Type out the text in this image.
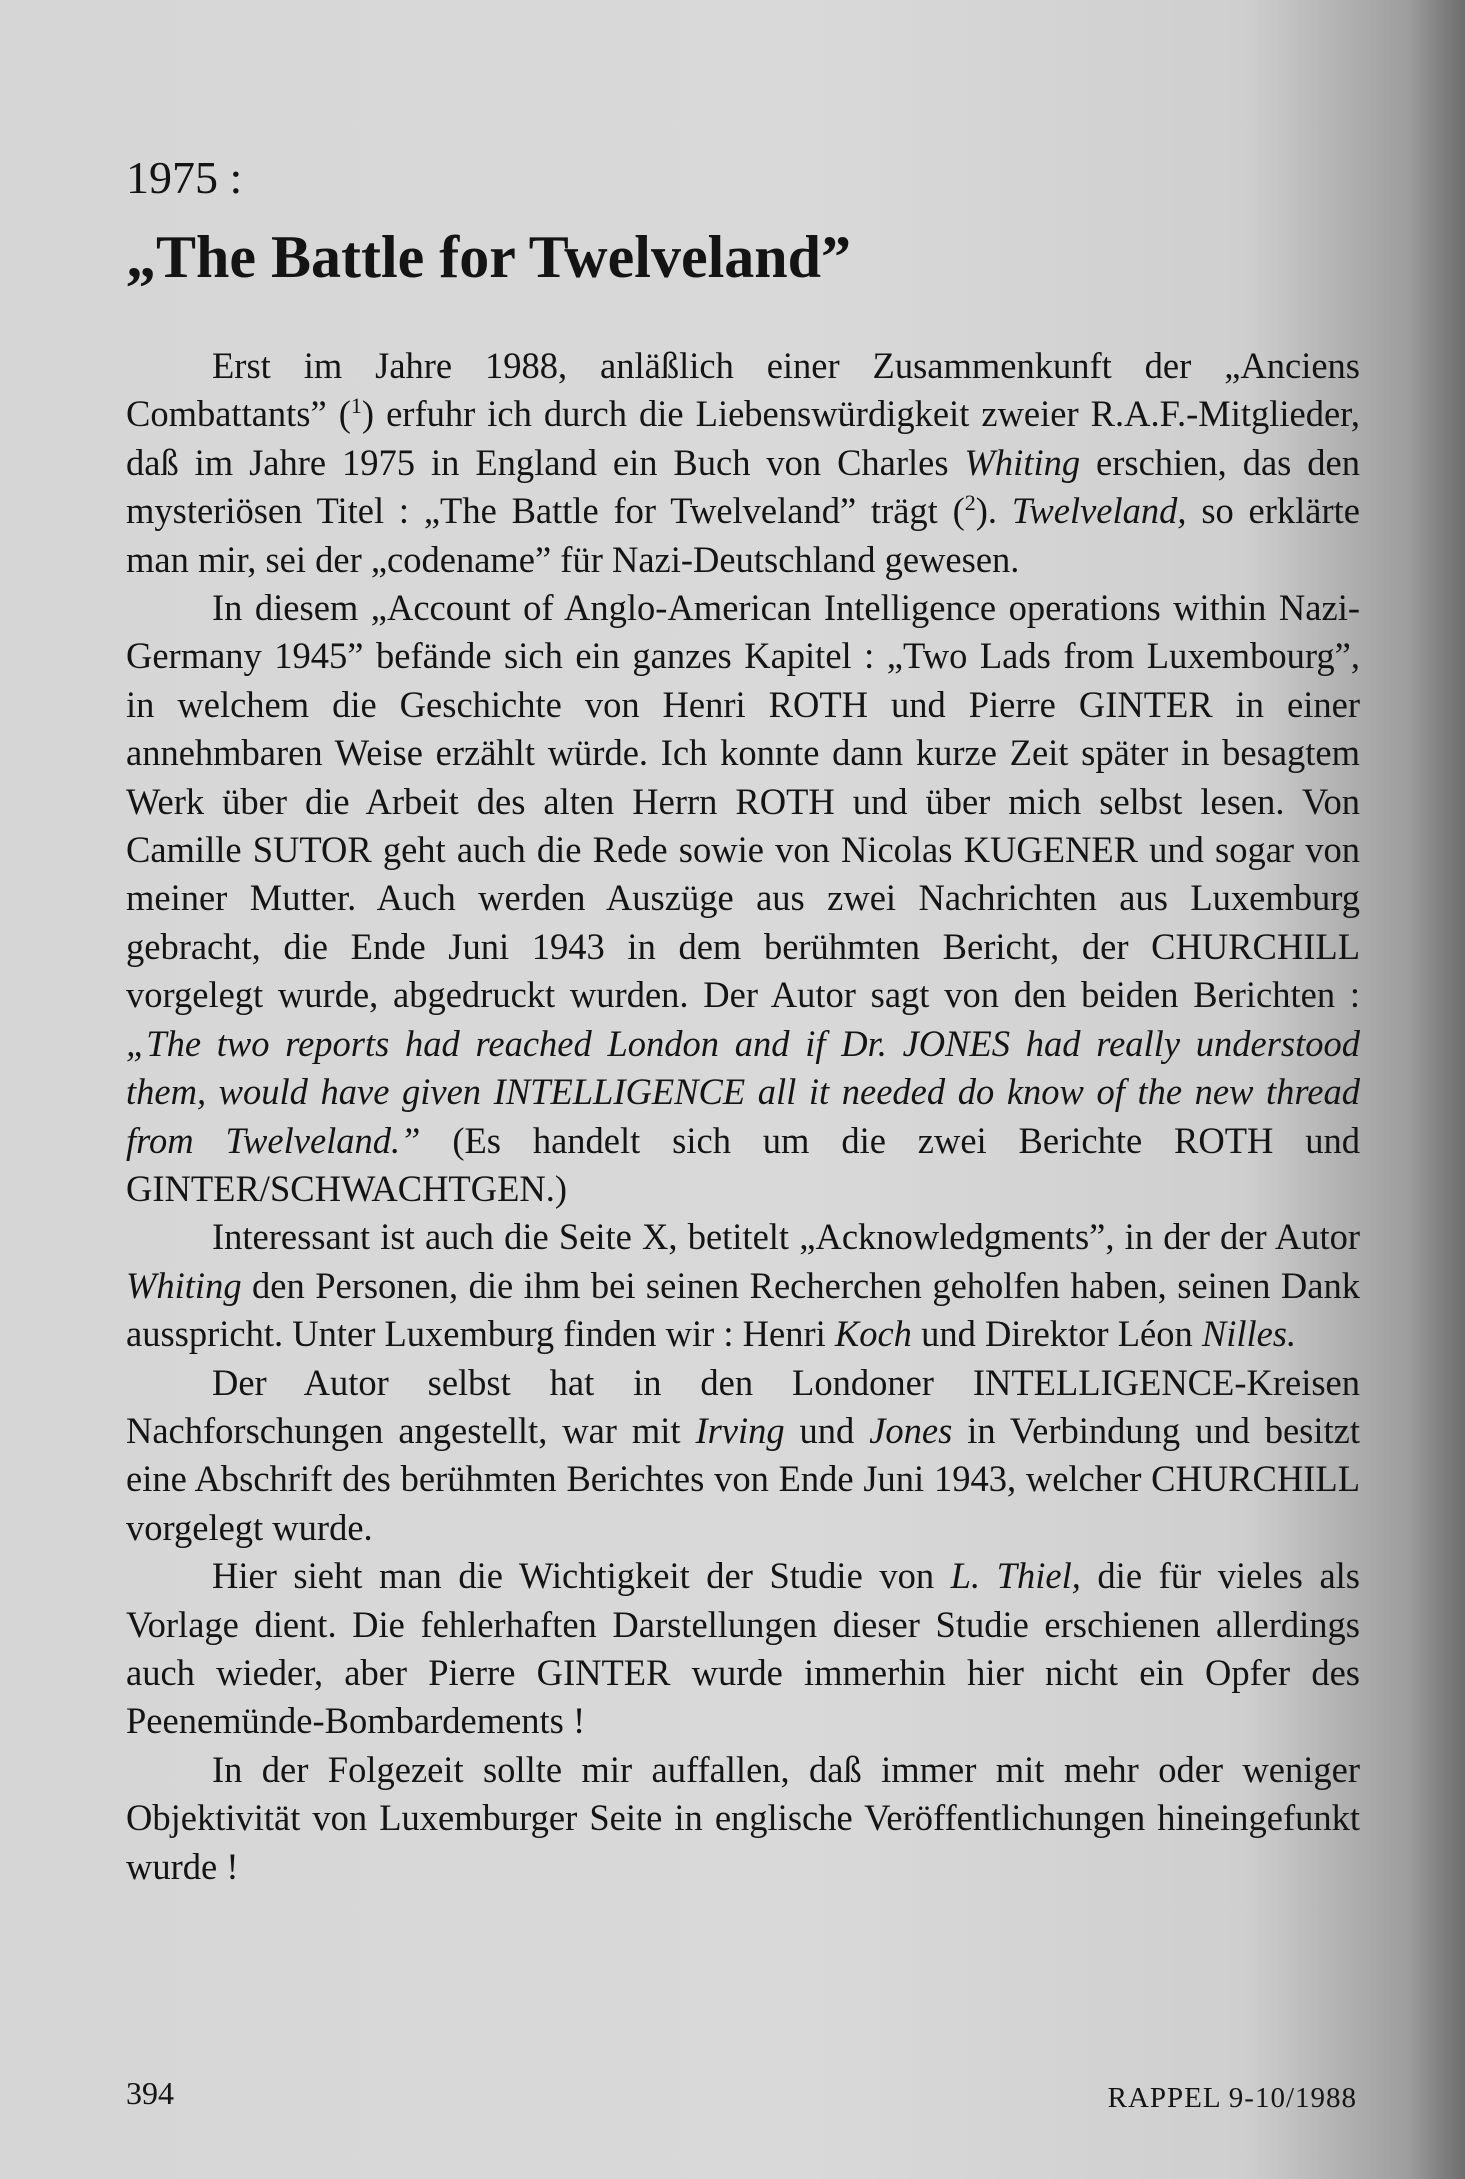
1975 :
„The Battle for Twelveland”

Erst im Jahre 1988, anläßlich einer Zusammenkunft der „Anciens Combattants” ($^1$) erfuhr ich durch die Liebenswürdigkeit zweier R.A.F.-Mitglieder, daß im Jahre 1975 in England ein Buch von Charles Whiting erschien, das den mysteriösen Titel : „The Battle for Twelveland” trägt ($^2$). Twelveland, so erklärte man mir, sei der „codename” für Nazi-Deutschland gewesen.

In diesem „Account of Anglo-American Intelligence operations within Nazi-Germany 1945” befände sich ein ganzes Kapitel : „Two Lads from Luxembourg”, in welchem die Geschichte von Henri ROTH und Pierre GINTER in einer annehmbaren Weise erzählt würde. Ich konnte dann kurze Zeit später in besagtem Werk über die Arbeit des alten Herrn ROTH und über mich selbst lesen. Von Camille SUTOR geht auch die Rede sowie von Nicolas KUGENER und sogar von meiner Mutter. Auch werden Auszüge aus zwei Nachrichten aus Luxemburg gebracht, die Ende Juni 1943 in dem berühmten Bericht, der CHURCHILL vorgelegt wurde, abgedruckt wurden. Der Autor sagt von den beiden Berichten : „The two reports had reached London and if Dr. JONES had really understood them, would have given INTELLIGENCE all it needed do know of the new thread from Twelveland.” (Es handelt sich um die zwei Berichte ROTH und GINTER/SCHWACHTGEN.)

Interessant ist auch die Seite X, betitelt „Acknowledgments”, in der der Autor Whiting den Personen, die ihm bei seinen Recherchen geholfen haben, seinen Dank ausspricht. Unter Luxemburg finden wir : Henri Koch und Direktor Léon Nilles.

Der Autor selbst hat in den Londoner INTELLIGENCE-Kreisen Nachforschungen angestellt, war mit Irving und Jones in Verbindung und besitzt eine Abschrift des berühmten Berichtes von Ende Juni 1943, welcher CHURCHILL vorgelegt wurde.

Hier sieht man die Wichtigkeit der Studie von L. Thiel, die für vieles als Vorlage dient. Die fehlerhaften Darstellungen dieser Studie erschienen allerdings auch wieder, aber Pierre GINTER wurde immerhin hier nicht ein Opfer des Peenemünde-Bombardements !

In der Folgezeit sollte mir auffallen, daß immer mit mehr oder weniger Objektivität von Luxemburger Seite in englische Veröffentlichungen hineingefunkt wurde !

394	RAPPEL 9-10/1988
